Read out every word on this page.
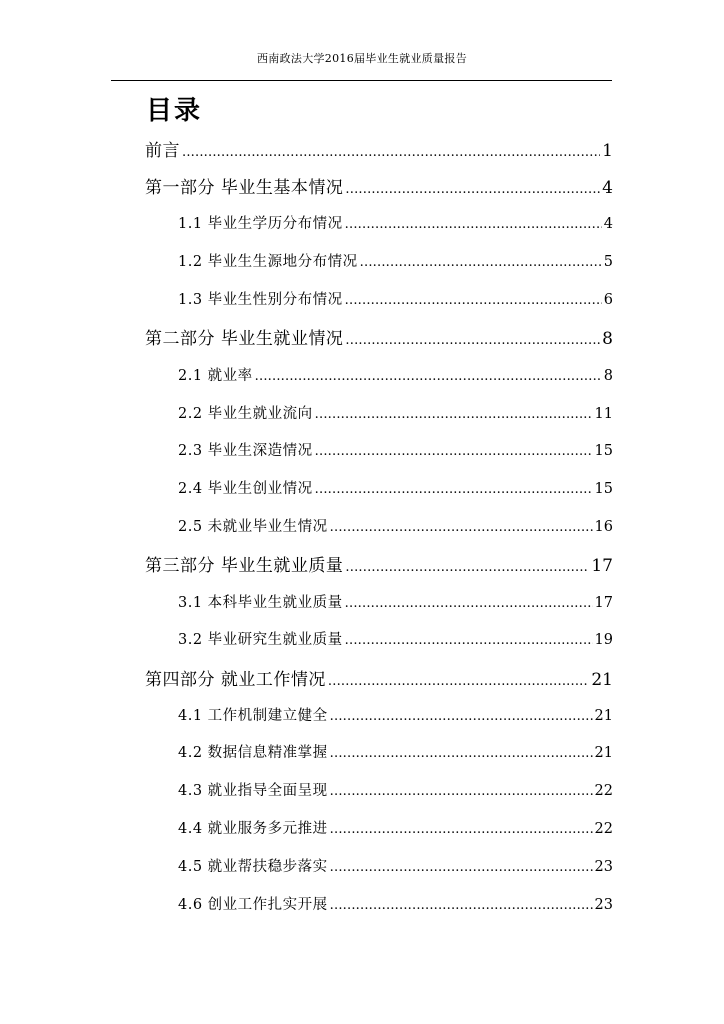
西南政法大学2016届毕业生就业质量报告
目录
前言 .....	1
第一部分 毕业生基本情况 .....	4
1.1 毕业生学历分布情况 .....	4
1.2 毕业生生源地分布情况 .....	5
1.3 毕业生性别分布情况 .....	6
第二部分 毕业生就业情况 .....	8
2.1 就业率 .....	8
2.2 毕业生就业流向 .....	11
2.3 毕业生深造情况 .....	15
2.4 毕业生创业情况 .....	15
2.5 未就业毕业生情况 .....	16
第三部分 毕业生就业质量 .....	17
3.1 本科毕业生就业质量 .....	17
3.2 毕业研究生就业质量 .....	19
第四部分 就业工作情况 .....	21
4.1 工作机制建立健全 .....	21
4.2 数据信息精准掌握 .....	21
4.3 就业指导全面呈现 .....	22
4.4 就业服务多元推进 .....	22
4.5 就业帮扶稳步落实 .....	23
4.6 创业工作扎实开展 .....	23
